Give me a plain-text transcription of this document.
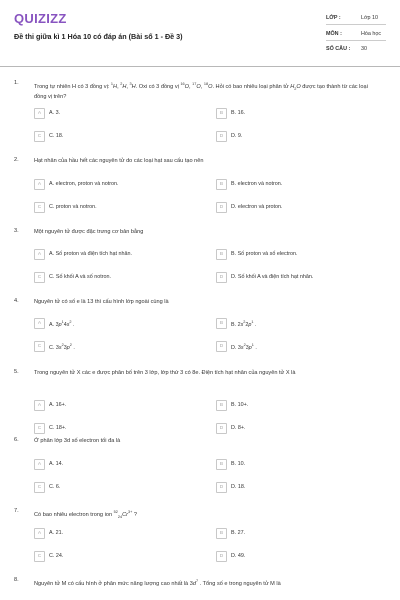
QUIZIZZ
Đề thi giữa kì 1 Hóa 10 có đáp án (Bài số 1 - Đề 3)
LỚP :	Lớp 10
MÔN :	Hóa học
SỐ CÂU :	30
1.
Trong tự nhiên H có 3 đồng vị: $^1$H, $^2$H, $^3$H. Oxi có 3 đồng vị $^{16}$O, $^{17}$O, $^{18}$O. Hỏi có bao nhiêu loại phân tử $H_2O$ được tạo thành từ các loại đồng vị trên?
A	A. 3.	B	B. 16.
C	C. 18.	D	D. 9.
2.	Hạt nhân của hầu hết các nguyên tử do các loại hạt sau cấu tạo nên
A	A. electron, proton và notron.	B	B. electron và notron.
C	C. proton và notron.	D	D. electron và proton.
3.	Một nguyên tử được đặc trưng cơ bản bằng
A	A. Số proton và điện tích hạt nhân.	B	B. Số proton và số electron.
C	C. Số khối A và số notron.	D	D. Số khối A và điện tích hạt nhân.
4.	Nguyên tử có số e là 13 thì cấu hình lớp ngoài cùng là
A	A. $3p^14s^2$ .	B	B. $2s^22p^1$ .
C	C. $3s^23p^2$ .	D	D. $3s^23p^1$ .
5.	Trong nguyên tử X các e được phân bố trên 3 lớp, lớp thứ 3 có 8e. Điện tích hạt nhân của nguyên tử X là
A	A. 16+.	B	B. 10+.
C	C. 18+.	D	D. 8+.
6.	Ở phân lớp 3d số electron tối đa là
A	A. 14.	B	B. 10.
C	C. 6.	D	D. 18.
7.
Có bao nhiêu electron trong ion $^{52}_{24}Cr^{3+}$ ?
A	A. 21.	B	B. 27.
C	C. 24.	D	D. 49.
8.
Nguyên tử M có cấu hình ở phân mức năng lượng cao nhất là $3d^7$ . Tổng số e trong nguyên tử M là
